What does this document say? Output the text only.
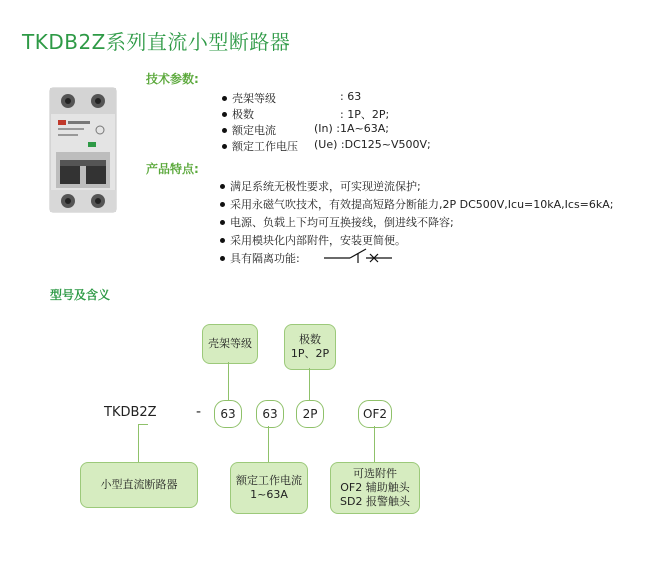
TKDB2Z系列直流小型断路器
技术参数:
壳架等级	: 63
极数	: 1P、2P;
额定电流	(In) :1A~63A;
额定工作电压 (Ue) :DC125~V500V;
产品特点:
满足系统无极性要求，可实现逆流保护;
采用永磁气吹技术，有效提高短路分断能力,2P DC500V,Icu=10kA,Ics=6kA;
电源、负载上下均可互换接线，倒进线不降容;
采用模块化内部附件，安装更简便。
具有隔离功能:
型号及含义
壳架等级	极数
1P、2P
TKDB2Z	-	63	63	2P	OF2
小型直流断路器	额定工作电流
1~63A
可选附件
OF2 辅助触头
SD2 报警触头
